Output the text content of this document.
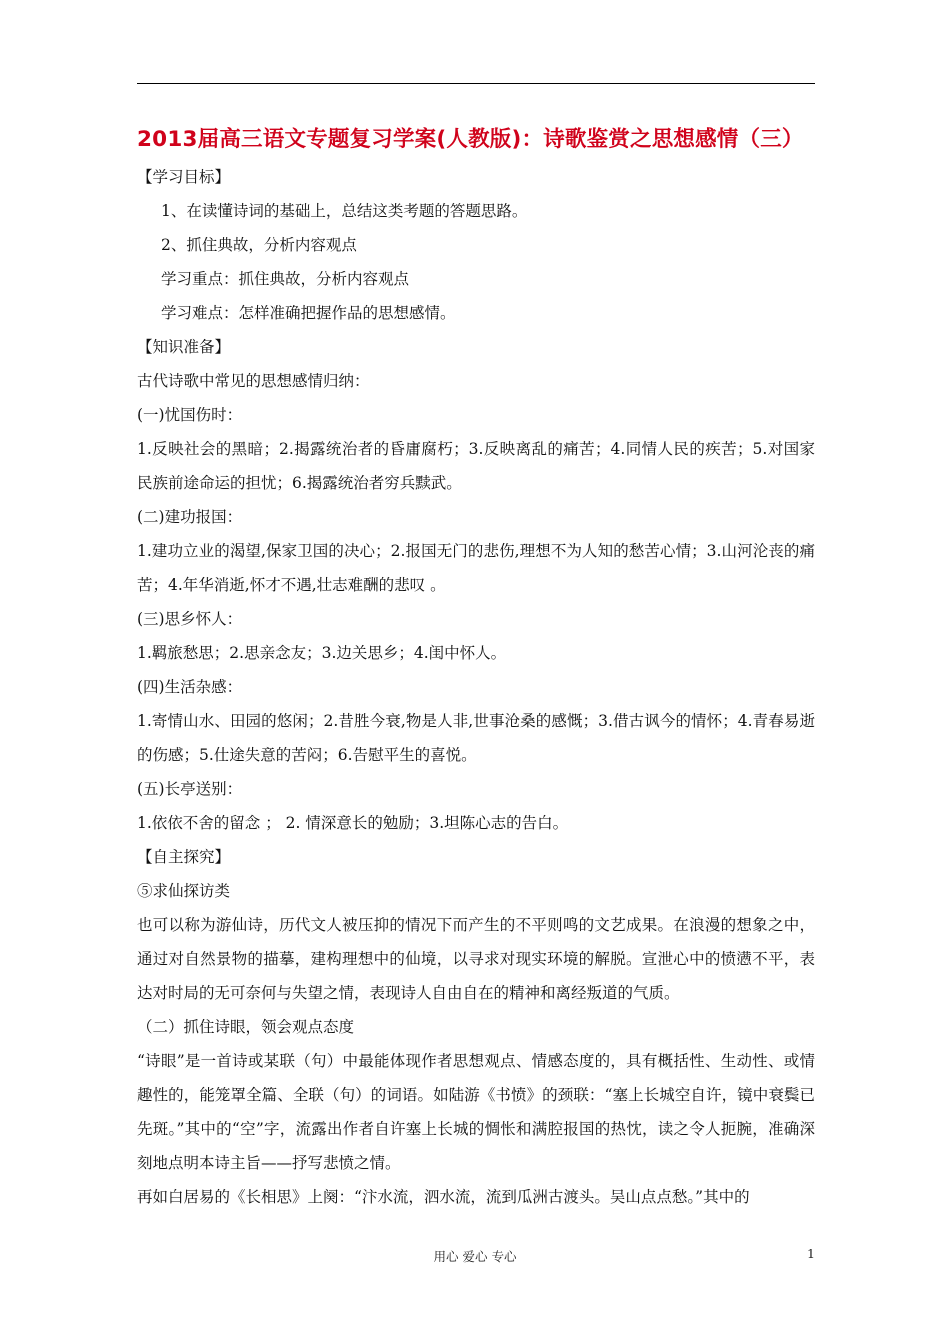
2013届高三语文专题复习学案(人教版)：诗歌鉴赏之思想感情（三）
【学习目标】
1、在读懂诗词的基础上，总结这类考题的答题思路。
2、抓住典故，分析内容观点
学习重点：抓住典故，分析内容观点
学习难点：怎样准确把握作品的思想感情。
【知识准备】
古代诗歌中常见的思想感情归纳：
(一)忧国伤时：
1.反映社会的黑暗；2.揭露统治者的昏庸腐朽；3.反映离乱的痛苦；4.同情人民的疾苦；5.对国家民族前途命运的担忧；6.揭露统治者穷兵黩武。
(二)建功报国：
1.建功立业的渴望,保家卫国的决心；2.报国无门的悲伤,理想不为人知的愁苦心情；3.山河沦丧的痛苦；4.年华消逝,怀才不遇,壮志难酬的悲叹 。
(三)思乡怀人：
1.羁旅愁思；2.思亲念友；3.边关思乡；4.闺中怀人。
(四)生活杂感：
1.寄情山水、田园的悠闲；2.昔胜今衰,物是人非,世事沧桑的感慨；3.借古讽今的情怀；4.青春易逝的伤感；5.仕途失意的苦闷；6.告慰平生的喜悦。
(五)长亭送别：
1.依依不舍的留念 ； 2. 情深意长的勉励；3.坦陈心志的告白。
【自主探究】
⑤求仙探访类
也可以称为游仙诗，历代文人被压抑的情况下而产生的不平则鸣的文艺成果。在浪漫的想象之中，通过对自然景物的描摹，建构理想中的仙境，以寻求对现实环境的解脱。宣泄心中的愤懑不平，表达对时局的无可奈何与失望之情，表现诗人自由自在的精神和离经叛道的气质。
（二）抓住诗眼，领会观点态度
“诗眼”是一首诗或某联（句）中最能体现作者思想观点、情感态度的，具有概括性、生动性、或情趣性的，能笼罩全篇、全联（句）的词语。如陆游《书愤》的颈联：“塞上长城空自许，镜中衰鬓已先斑。”其中的“空”字，流露出作者自许塞上长城的惆怅和满腔报国的热忱，读之令人扼腕，准确深刻地点明本诗主旨——抒写悲愤之情。
再如白居易的《长相思》上阕：“汴水流，泗水流，流到瓜洲古渡头。吴山点点愁。”其中的
用心 爱心 专心	1
